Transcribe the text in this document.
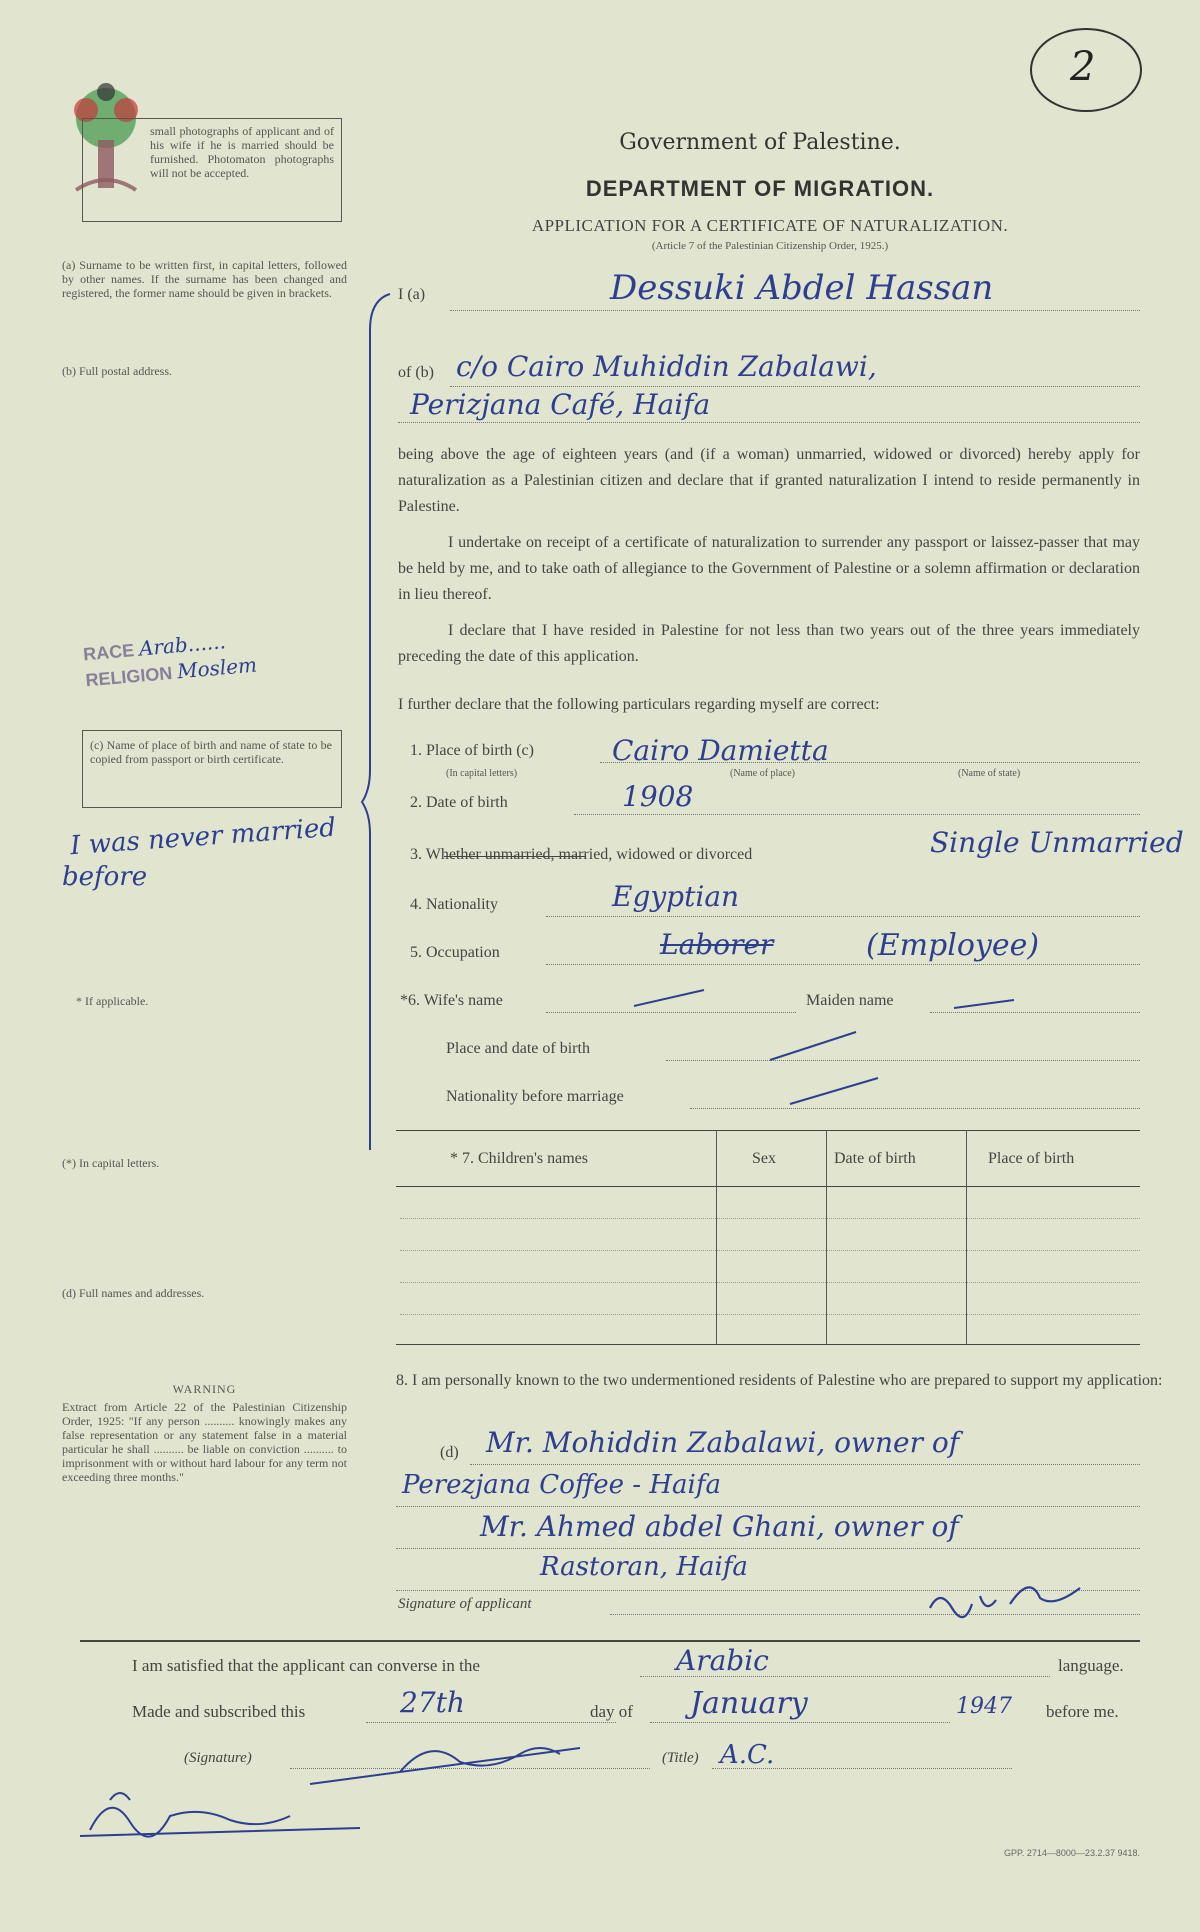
2
small photographs of applicant and of his wife if he is married should be furnished. Photomaton photographs will not be accepted.
Government of Palestine.
DEPARTMENT OF MIGRATION.
APPLICATION FOR A CERTIFICATE OF NATURALIZATION.
(Article 7 of the Palestinian Citizenship Order, 1925.)
(a) Surname to be written first, in capital letters, followed by other names. If the surname has been changed and registered, the former name should be given in brackets.
(b) Full postal address.
I (a)	Dessuki Abdel Hassan
of (b) c/o Cairo Muhiddin Zabalawi,
Perizjana Café, Haifa
being above the age of eighteen years (and (if a woman) unmarried, widowed or divorced) hereby apply for naturalization as a Palestinian citizen and declare that if granted naturalization I intend to reside permanently in Palestine.
I undertake on receipt of a certificate of naturalization to surrender any passport or laissez-passer that may be held by me, and to take oath of allegiance to the Government of Palestine or a solemn affirmation or declaration in lieu thereof.
I declare that I have resided in Palestine for not less than two years out of the three years immediately preceding the date of this application.
I further declare that the following particulars regarding myself are correct:
RACE Arab......
RELIGION Moslem
(c) Name of place of birth and name of state to be copied from passport or birth certificate.
I was never married
before
* If applicable.
(*) In capital letters.
(d) Full names and addresses.
1. Place of birth (c)
(In capital letters)	(Name of place)	(Name of state)
Cairo Damietta
2. Date of birth	1908
3. Whether unmarried, married, widowed or divorced	Single Unmarried
4. Nationality	Egyptian
5. Occupation	Laborer	(Employee)
*6. Wife's name	Maiden name
Place and date of birth
Nationality before marriage
* 7. Children's names	Sex	Date of birth	Place of birth
WARNING
Extract from Article 22 of the Palestinian Citizenship Order, 1925: "If any person .......... knowingly makes any false representation or any statement false in a material particular he shall .......... be liable on conviction .......... to imprisonment with or without hard labour for any term not exceeding three months."
8. I am personally known to the two undermentioned residents of Palestine who are prepared to support my application:
(d) Mr. Mohiddin Zabalawi, owner of
Perezjana Coffee - Haifa
Mr. Ahmed abdel Ghani, owner of
Rastoran, Haifa
Signature of applicant
I am satisfied that the applicant can converse in the	Arabic	language.
Made and subscribed this	27th	day of January	1947 before me.
(Signature)	(Title) A.C.
GPP. 2714—8000—23.2.37 9418.
